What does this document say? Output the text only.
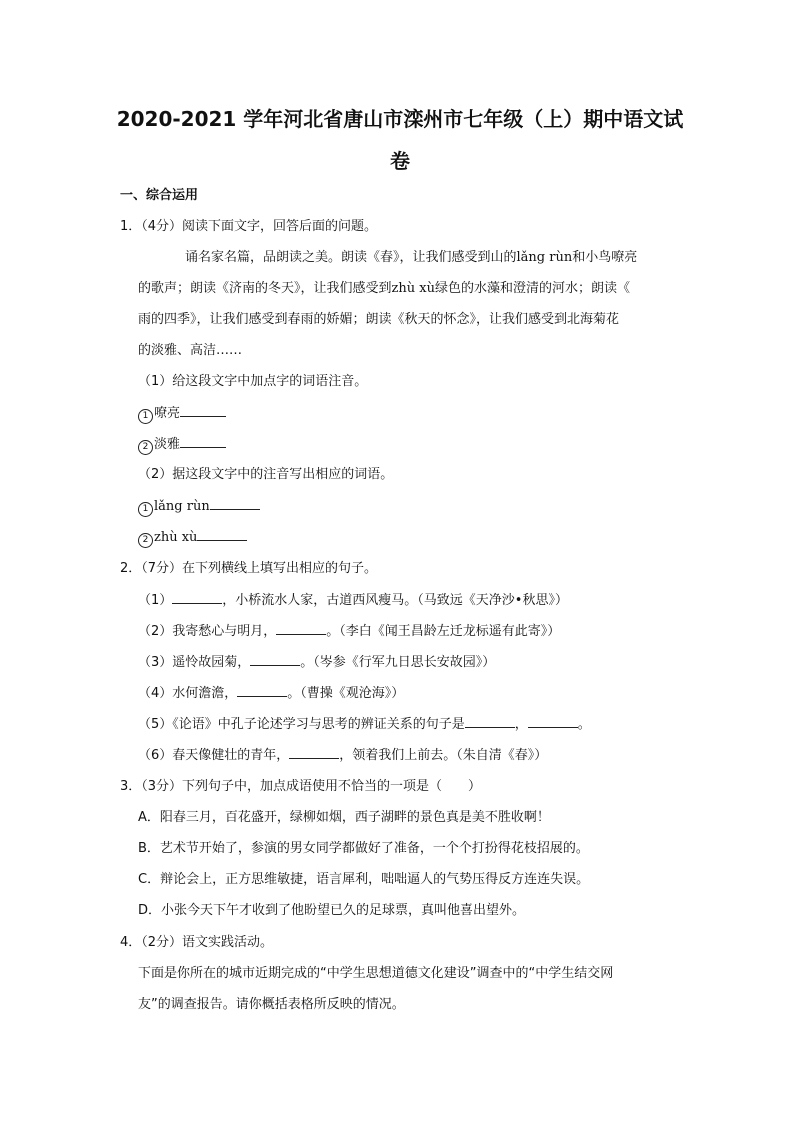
2020-2021 学年河北省唐山市滦州市七年级（上）期中语文试
卷
一、综合运用
1．（4分）阅读下面文字，回答后面的问题。
诵名家名篇，品朗读之美。朗读《春》，让我们感受到山的lǎng rùn和小鸟嘹亮
的歌声；朗读《济南的冬天》，让我们感受到zhù xù绿色的水藻和澄清的河水；朗读《
雨的四季》，让我们感受到春雨的娇媚；朗读《秋天的怀念》，让我们感受到北海菊花
的淡雅、高洁……
（1）给这段文字中加点字的词语注音。
1 嘹亮
2 淡雅
（2）据这段文字中的注音写出相应的词语。
1 lǎng rùn
2 zhù xù
2．（7分）在下列横线上填写出相应的句子。
（1）	，小桥流水人家，古道西风瘦马。（马致远《天净沙•秋思》）
（2）我寄愁心与明月，	。（李白《闻王昌龄左迁龙标遥有此寄》）
（3）遥怜故园菊，	。（岑参《行军九日思长安故园》）
（4）水何澹澹，	。（曹操《观沧海》）
（5）《论语》中孔子论述学习与思考的辨证关系的句子是	，	。
（6）春天像健壮的青年，	，领着我们上前去。（朱自清《春》）
3．（3分）下列句子中，加点成语使用不恰当的一项是（　　）
A．阳春三月，百花盛开，绿柳如烟，西子湖畔的景色真是美不胜收啊！
B．艺术节开始了，参演的男女同学都做好了准备，一个个打扮得花枝招展的。
C．辩论会上，正方思维敏捷，语言犀利，咄咄逼人的气势压得反方连连失误。
D．小张今天下午才收到了他盼望已久的足球票，真叫他喜出望外。
4．（2分）语文实践活动。
下面是你所在的城市近期完成的“中学生思想道德文化建设”调查中的“中学生结交网
友”的调查报告。请你概括表格所反映的情况。
